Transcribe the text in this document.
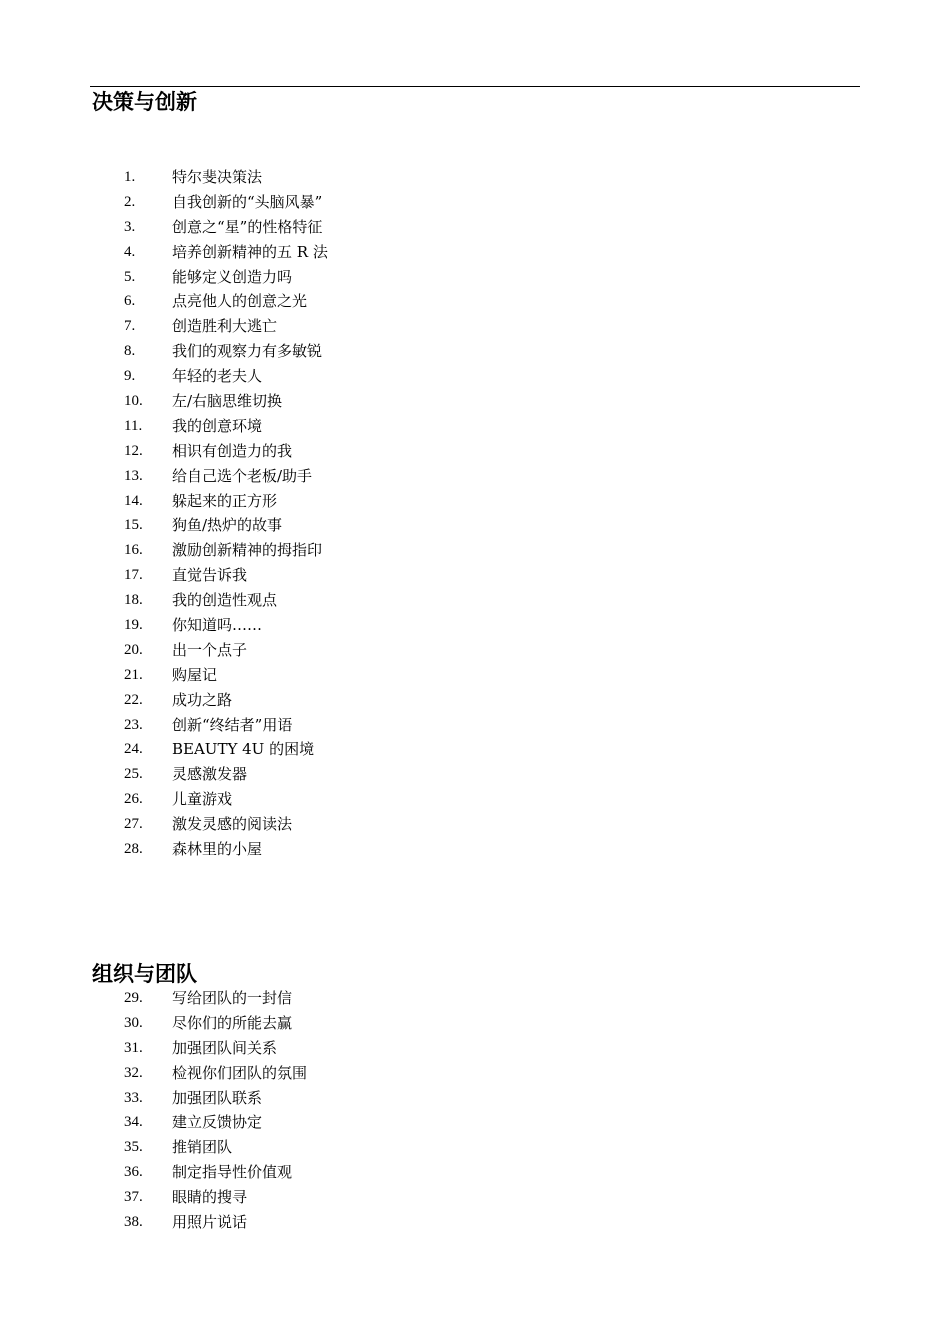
决策与创新
1.	特尔斐决策法
2.	自我创新的“头脑风暴”
3.	创意之“星”的性格特征
4.	培养创新精神的五 R 法
5.	能够定义创造力吗
6.	点亮他人的创意之光
7.	创造胜利大逃亡
8.	我们的观察力有多敏锐
9.	年轻的老夫人
10.	左/右脑思维切换
11.	我的创意环境
12.	相识有创造力的我
13.	给自己选个老板/助手
14.	躲起来的正方形
15.	狗鱼/热炉的故事
16.	激励创新精神的拇指印
17.	直觉告诉我
18.	我的创造性观点
19.	你知道吗……
20.	出一个点子
21.	购屋记
22.	成功之路
23.	创新“终结者”用语
24.	BEAUTY 4U 的困境
25.	灵感激发器
26.	儿童游戏
27.	激发灵感的阅读法
28.	森林里的小屋
组织与团队
29.	写给团队的一封信
30.	尽你们的所能去赢
31.	加强团队间关系
32.	检视你们团队的氛围
33.	加强团队联系
34.	建立反馈协定
35.	推销团队
36.	制定指导性价值观
37.	眼睛的搜寻
38.	用照片说话
